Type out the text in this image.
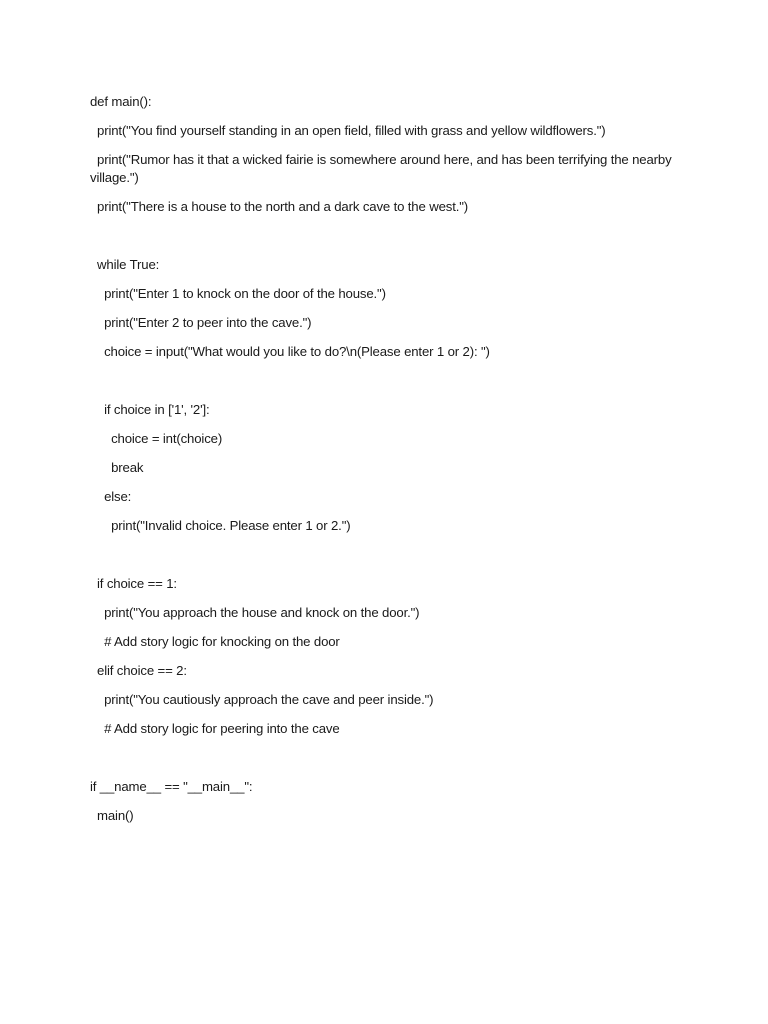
def main():
print("You find yourself standing in an open field, filled with grass and yellow wildflowers.")
print("Rumor has it that a wicked fairie is somewhere around here, and has been terrifying the nearby village.")
print("There is a house to the north and a dark cave to the west.")
while True:
print("Enter 1 to knock on the door of the house.")
print("Enter 2 to peer into the cave.")
choice = input("What would you like to do?\n(Please enter 1 or 2): ")
if choice in ['1', '2']:
choice = int(choice)
break
else:
print("Invalid choice. Please enter 1 or 2.")
if choice == 1:
print("You approach the house and knock on the door.")
# Add story logic for knocking on the door
elif choice == 2:
print("You cautiously approach the cave and peer inside.")
# Add story logic for peering into the cave
if __name__ == "__main__":
main()
